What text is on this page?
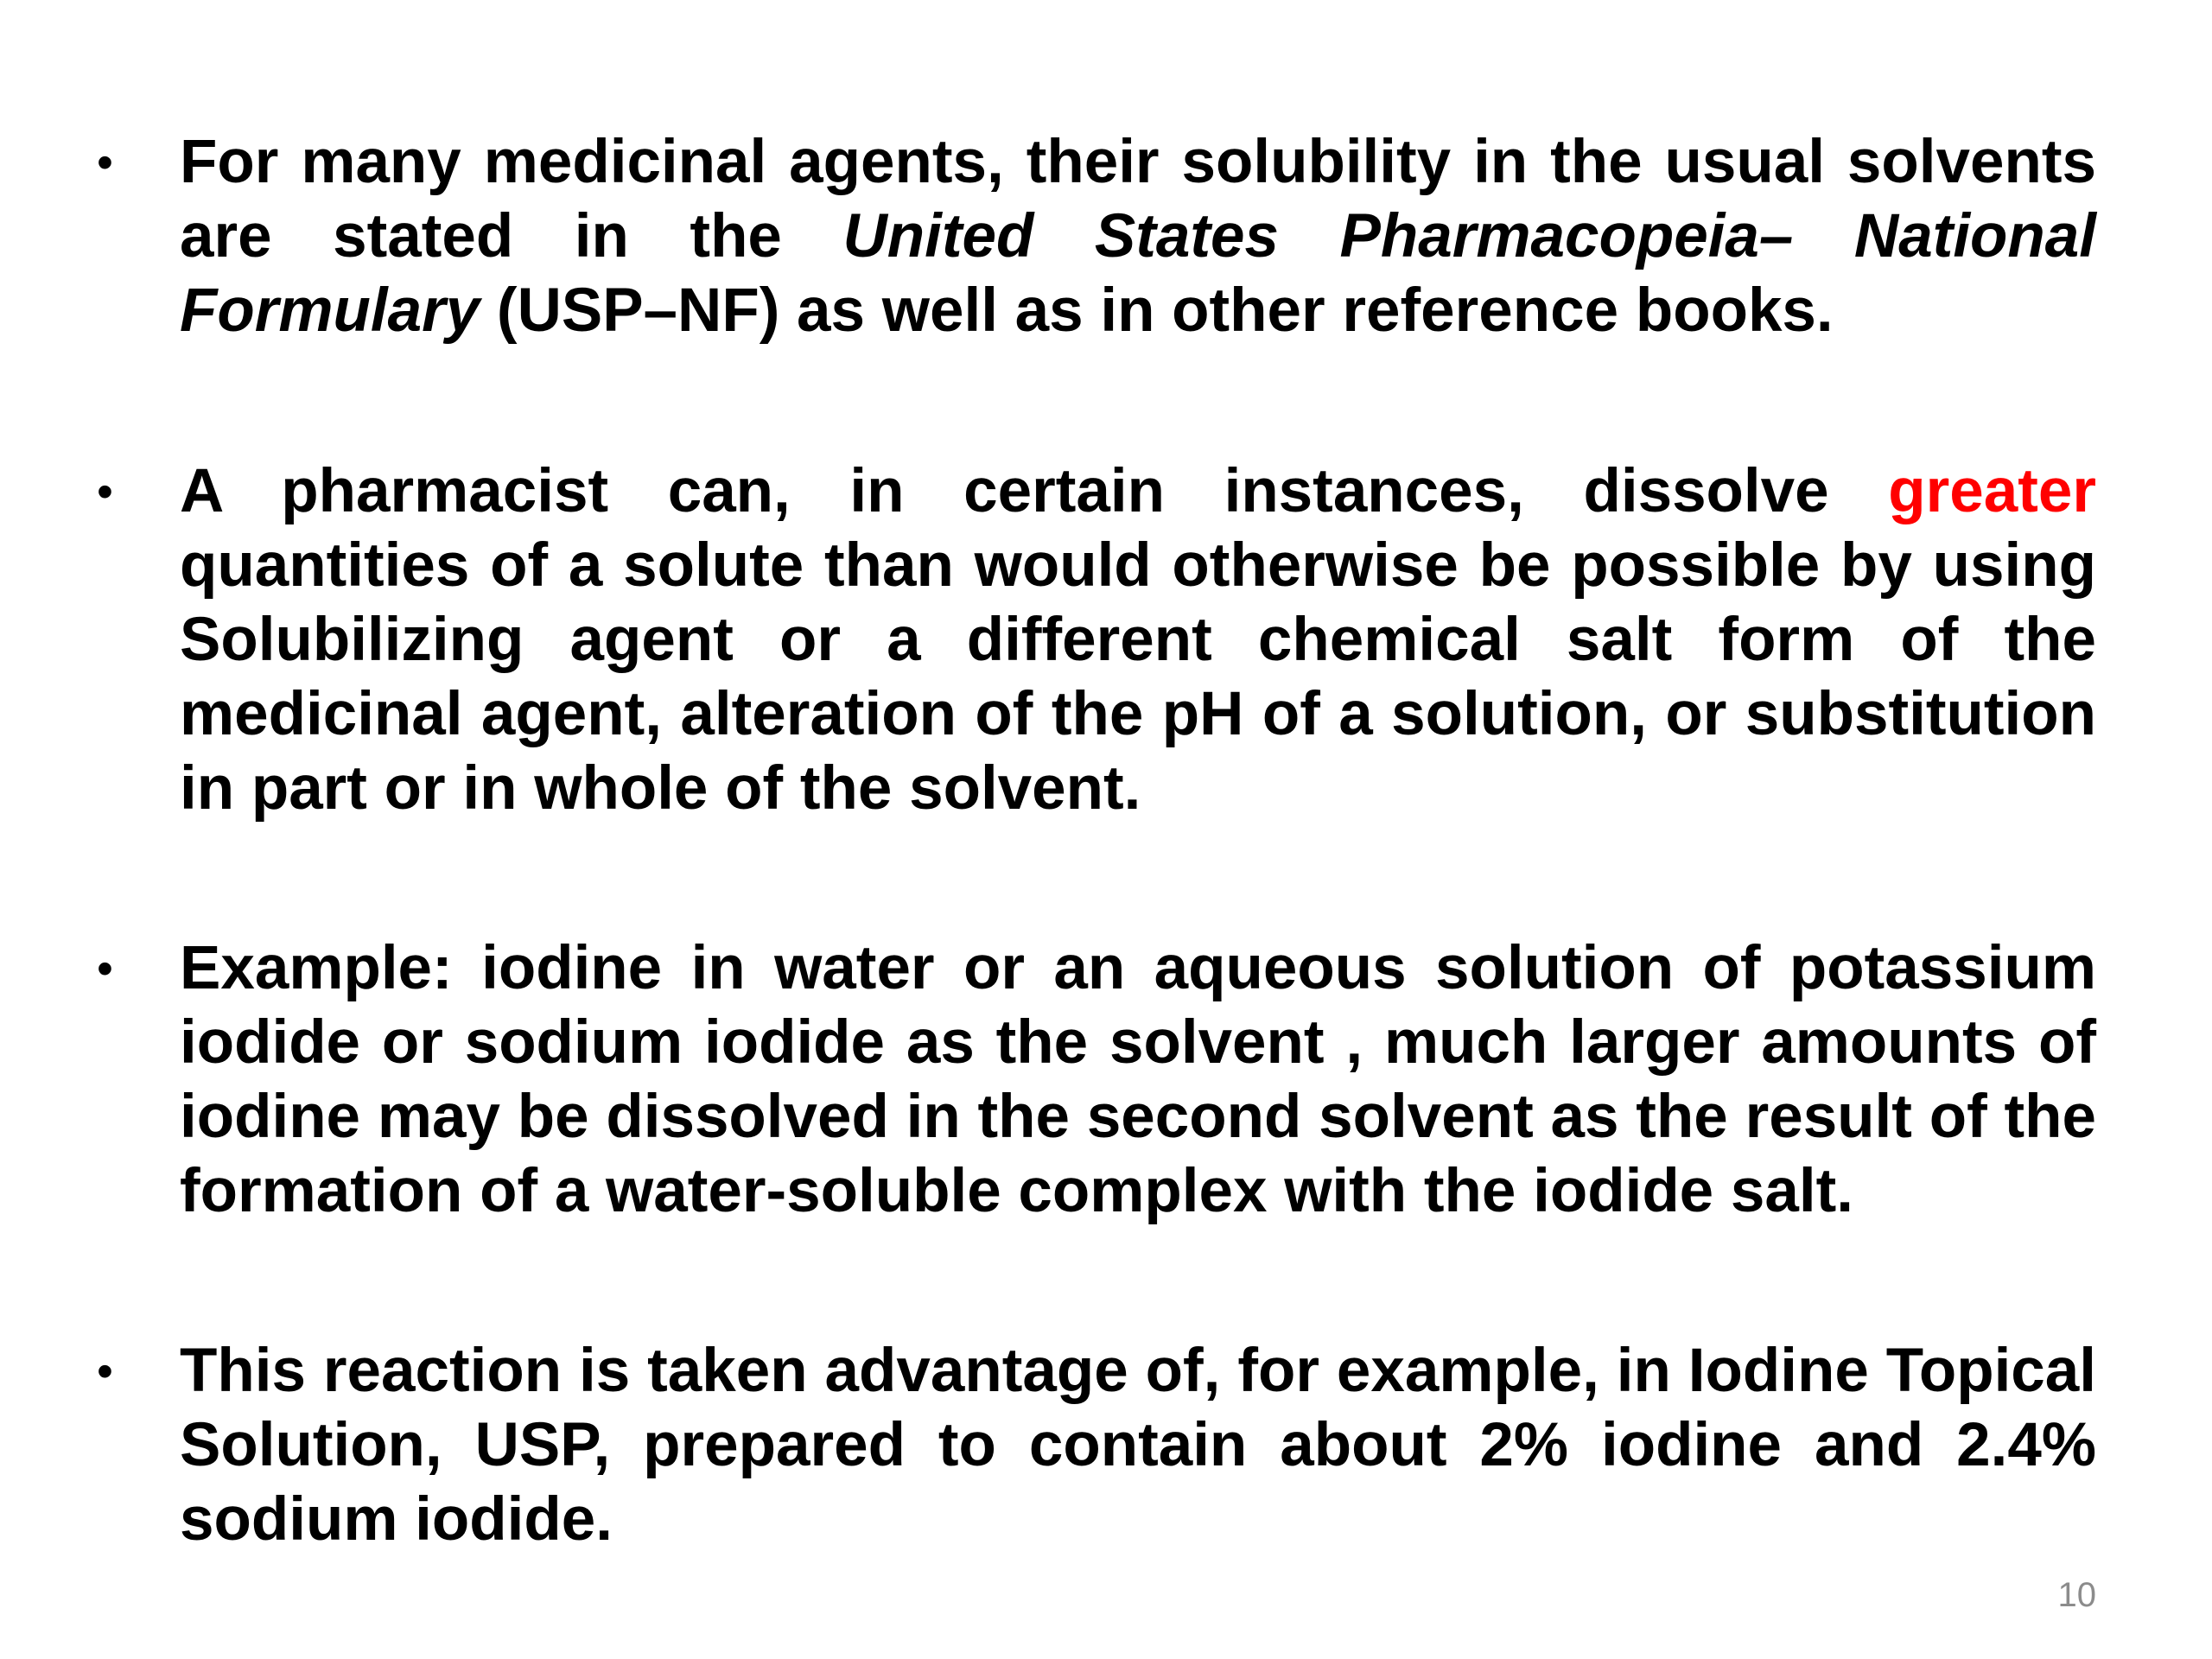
• For many medicinal agents, their solubility in the usual solvents are stated in the United States Pharmacopeia– National Formulary (USP–NF) as well as in other reference books.
• A pharmacist can, in certain instances, dissolve greater quantities of a solute than would otherwise be possible by using Solubilizing agent or a different chemical salt form of the medicinal agent, alteration of the pH of a solution, or substitution in part or in whole of the solvent.
• Example: iodine in water or an aqueous solution of potassium iodide or sodium iodide as the solvent , much larger amounts of iodine may be dissolved in the second solvent as the result of the formation of a water-soluble complex with the iodide salt.
• This reaction is taken advantage of, for example, in Iodine Topical Solution, USP, prepared to contain about 2% iodine and 2.4% sodium iodide.
10
